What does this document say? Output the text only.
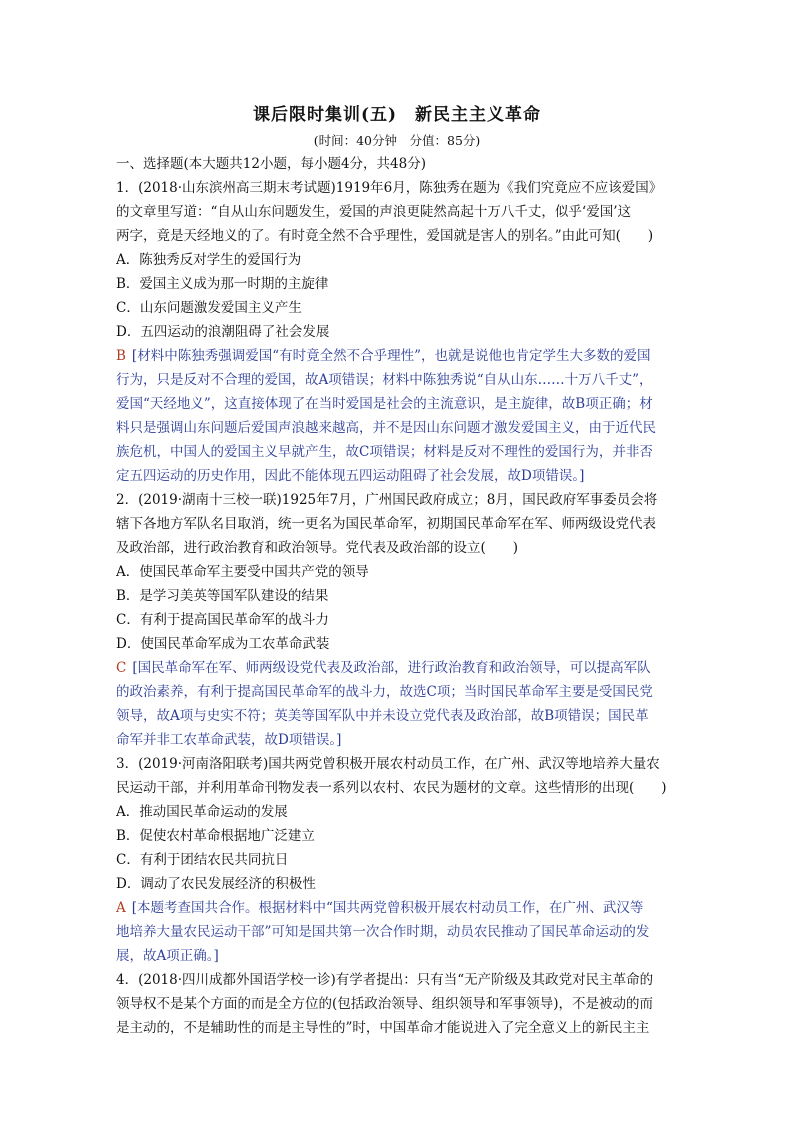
课后限时集训(五)　新民主主义革命
(时间：40分钟　分值：85分)
一、选择题(本大题共12小题，每小题4分，共48分)
1．(2018·山东滨州高三期末考试题)1919年6月，陈独秀在题为《我们究竟应不应该爱国》
的文章里写道：“自从山东问题发生，爱国的声浪更陡然高起十万八千丈，似乎‘爱国’这
两字，竟是天经地义的了。有时竟全然不合乎理性，爱国就是害人的别名。”由此可知(　　)
A．陈独秀反对学生的爱国行为
B．爱国主义成为那一时期的主旋律
C．山东问题激发爱国主义产生
D．五四运动的浪潮阻碍了社会发展
B [材料中陈独秀强调爱国“有时竟全然不合乎理性”，也就是说他也肯定学生大多数的爱国
行为，只是反对不合理的爱国，故A项错误；材料中陈独秀说“自从山东……十万八千丈”，
爱国“天经地义”，这直接体现了在当时爱国是社会的主流意识，是主旋律，故B项正确；材
料只是强调山东问题后爱国声浪越来越高，并不是因山东问题才激发爱国主义，由于近代民
族危机，中国人的爱国主义早就产生，故C项错误；材料是反对不理性的爱国行为，并非否
定五四运动的历史作用，因此不能体现五四运动阻碍了社会发展，故D项错误。]
2．(2019·湖南十三校一联)1925年7月，广州国民政府成立；8月，国民政府军事委员会将
辖下各地方军队名目取消，统一更名为国民革命军，初期国民革命军在军、师两级设党代表
及政治部，进行政治教育和政治领导。党代表及政治部的设立(　　)
A．使国民革命军主要受中国共产党的领导
B．是学习美英等国军队建设的结果
C．有利于提高国民革命军的战斗力
D．使国民革命军成为工农革命武装
C [国民革命军在军、师两级设党代表及政治部，进行政治教育和政治领导，可以提高军队
的政治素养，有利于提高国民革命军的战斗力，故选C项；当时国民革命军主要是受国民党
领导，故A项与史实不符；英美等国军队中并未设立党代表及政治部，故B项错误；国民革
命军并非工农革命武装，故D项错误。]
3．(2019·河南洛阳联考)国共两党曾积极开展农村动员工作，在广州、武汉等地培养大量农
民运动干部，并利用革命刊物发表一系列以农村、农民为题材的文章。这些情形的出现(　　)
A．推动国民革命运动的发展
B．促使农村革命根据地广泛建立
C．有利于团结农民共同抗日
D．调动了农民发展经济的积极性
A [本题考查国共合作。根据材料中“国共两党曾积极开展农村动员工作，在广州、武汉等
地培养大量农民运动干部”可知是国共第一次合作时期，动员农民推动了国民革命运动的发
展，故A项正确。]
4．(2018·四川成都外国语学校一诊)有学者提出：只有当“无产阶级及其政党对民主革命的
领导权不是某个方面的而是全方位的(包括政治领导、组织领导和军事领导)，不是被动的而
是主动的，不是辅助性的而是主导性的”时，中国革命才能说进入了完全意义上的新民主主
